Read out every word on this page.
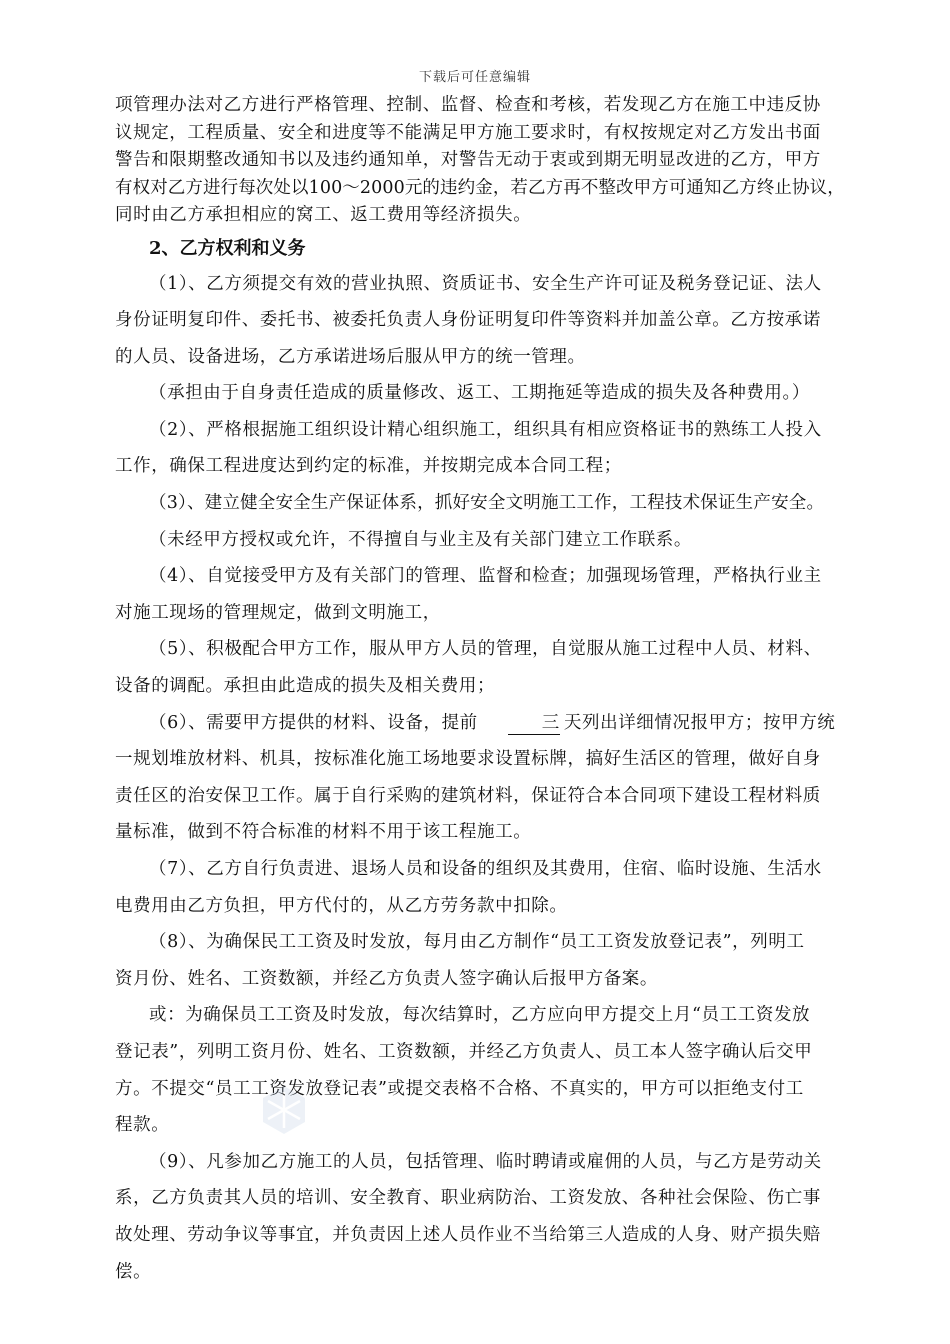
下载后可任意编辑

项管理办法对乙方进行严格管理、控制、监督、检查和考核，若发现乙方在施工中违反协

议规定，工程质量、安全和进度等不能满足甲方施工要求时，有权按规定对乙方发出书面

警告和限期整改通知书以及违约通知单，对警告无动于衷或到期无明显改进的乙方，甲方

有权对乙方进行每次处以100～2000元的违约金，若乙方再不整改甲方可通知乙方终止协议，

同时由乙方承担相应的窝工、返工费用等经济损失。

2、乙方权利和义务
（1）、乙方须提交有效的营业执照、资质证书、安全生产许可证及税务登记证、法人
身份证明复印件、委托书、被委托负责人身份证明复印件等资料并加盖公章。乙方按承诺
的人员、设备进场，乙方承诺进场后服从甲方的统一管理。
（承担由于自身责任造成的质量修改、返工、工期拖延等造成的损失及各种费用。）
（2）、严格根据施工组织设计精心组织施工，组织具有相应资格证书的熟练工人投入
工作，确保工程进度达到约定的标准，并按期完成本合同工程；
（3）、建立健全安全生产保证体系，抓好安全文明施工工作，工程技术保证生产安全。
（未经甲方授权或允许，不得擅自与业主及有关部门建立工作联系。
（4）、自觉接受甲方及有关部门的管理、监督和检查；加强现场管理，严格执行业主
对施工现场的管理规定，做到文明施工，
（5）、积极配合甲方工作，服从甲方人员的管理，自觉服从施工过程中人员、材料、
设备的调配。承担由此造成的损失及相关费用；
（6）、需要甲方提供的材料、设备，提前	三 天列出详细情况报甲方；按甲方统
一规划堆放材料、机具，按标准化施工场地要求设置标牌，搞好生活区的管理，做好自身
责任区的治安保卫工作。属于自行采购的建筑材料，保证符合本合同项下建设工程材料质
量标准，做到不符合标准的材料不用于该工程施工。
（7）、乙方自行负责进、退场人员和设备的组织及其费用，住宿、临时设施、生活水
电费用由乙方负担，甲方代付的，从乙方劳务款中扣除。
（8）、为确保民工工资及时发放，每月由乙方制作“员工工资发放登记表”，列明工
资月份、姓名、工资数额，并经乙方负责人签字确认后报甲方备案。
或：为确保员工工资及时发放，每次结算时，乙方应向甲方提交上月“员工工资发放
登记表”，列明工资月份、姓名、工资数额，并经乙方负责人、员工本人签字确认后交甲
方。不提交“员工工资发放登记表”或提交表格不合格、不真实的，甲方可以拒绝支付工
程款。
（9）、凡参加乙方施工的人员，包括管理、临时聘请或雇佣的人员，与乙方是劳动关
系，乙方负责其人员的培训、安全教育、职业病防治、工资发放、各种社会保险、伤亡事
故处理、劳动争议等事宜，并负责因上述人员作业不当给第三人造成的人身、财产损失赔
偿。
